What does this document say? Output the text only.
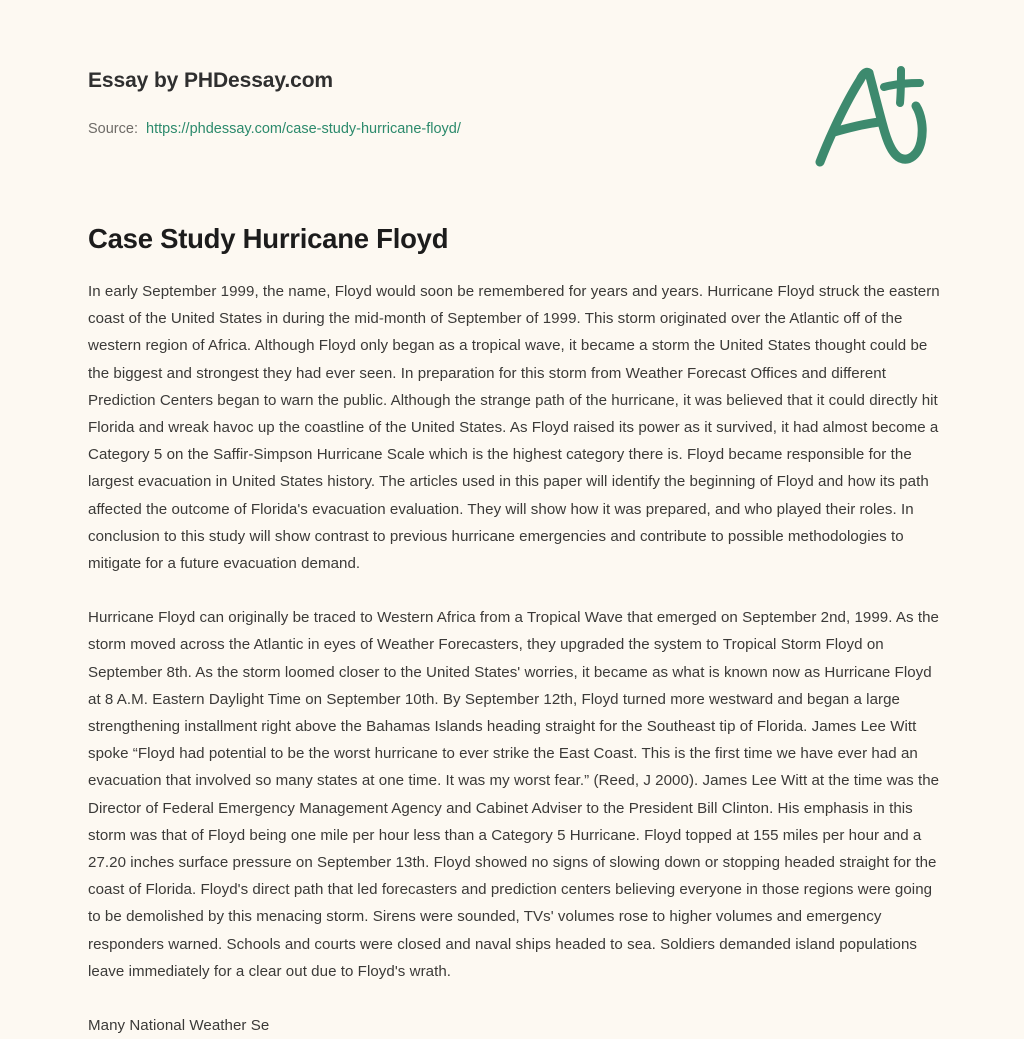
Essay by PHDessay.com
Source: https://phdessay.com/case-study-hurricane-floyd/
Case Study Hurricane Floyd

In early September 1999, the name, Floyd would soon be remembered for years and years. Hurricane Floyd struck the eastern coast of the United States in during the mid-month of September of 1999. This storm originated over the Atlantic off of the western region of Africa. Although Floyd only began as a tropical wave, it became a storm the United States thought could be the biggest and strongest they had ever seen. In preparation for this storm from Weather Forecast Offices and different Prediction Centers began to warn the public. Although the strange path of the hurricane, it was believed that it could directly hit Florida and wreak havoc up the coastline of the United States. As Floyd raised its power as it survived, it had almost become a Category 5 on the Saffir-Simpson Hurricane Scale which is the highest category there is. Floyd became responsible for the largest evacuation in United States history. The articles used in this paper will identify the beginning of Floyd and how its path affected the outcome of Florida's evacuation evaluation. They will show how it was prepared, and who played their roles. In conclusion to this study will show contrast to previous hurricane emergencies and contribute to possible methodologies to mitigate for a future evacuation demand.

Hurricane Floyd can originally be traced to Western Africa from a Tropical Wave that emerged on September 2nd, 1999. As the storm moved across the Atlantic in eyes of Weather Forecasters, they upgraded the system to Tropical Storm Floyd on September 8th. As the storm loomed closer to the United States' worries, it became as what is known now as Hurricane Floyd at 8 A.M. Eastern Daylight Time on September 10th. By September 12th, Floyd turned more westward and began a large strengthening installment right above the Bahamas Islands heading straight for the Southeast tip of Florida. James Lee Witt spoke “Floyd had potential to be the worst hurricane to ever strike the East Coast. This is the first time we have ever had an evacuation that involved so many states at one time. It was my worst fear.” (Reed, J 2000). James Lee Witt at the time was the Director of Federal Emergency Management Agency and Cabinet Adviser to the President Bill Clinton. His emphasis in this storm was that of Floyd being one mile per hour less than a Category 5 Hurricane. Floyd topped at 155 miles per hour and a 27.20 inches surface pressure on September 13th. Floyd showed no signs of slowing down or stopping headed straight for the coast of Florida. Floyd's direct path that led forecasters and prediction centers believing everyone in those regions were going to be demolished by this menacing storm. Sirens were sounded, TVs' volumes rose to higher volumes and emergency responders warned. Schools and courts were closed and naval ships headed to sea. Soldiers demanded island populations leave immediately for a clear out due to Floyd's wrath.

Many National Weather Se
